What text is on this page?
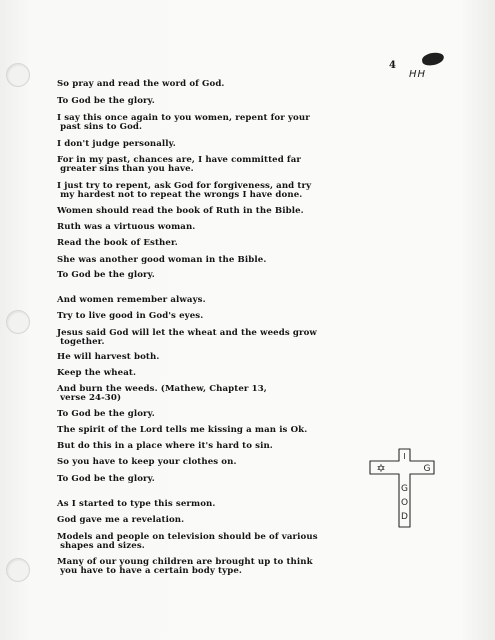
4
HH
So pray and read the word of God.
To God be the glory.
I say this once again to you women, repent for your
past sins to God.
I don't judge personally.
For in my past, chances are, I have committed far
greater sins than you have.
I just try to repent, ask God for forgiveness, and try
my hardest not to repeat the wrongs I have done.
Women should read the book of Ruth in the Bible.
Ruth was a virtuous woman.
Read the book of Esther.
She was another good woman in the Bible.
To God be the glory.
And women remember always.
Try to live good in God's eyes.
Jesus said God will let the wheat and the weeds grow
together.
He will harvest both.
Keep the wheat.
And burn the weeds. (Mathew, Chapter 13,
verse 24-30)
To God be the glory.
The spirit of the Lord tells me kissing a man is Ok.
But do this in a place where it's hard to sin.
So you have to keep your clothes on.
To God be the glory.
As I started to type this sermon.
God gave me a revelation.
Models and people on television should be of various
shapes and sizes.
Many of our young children are brought up to think
you have to have a certain body type.
✡
I
G
G
O
D
